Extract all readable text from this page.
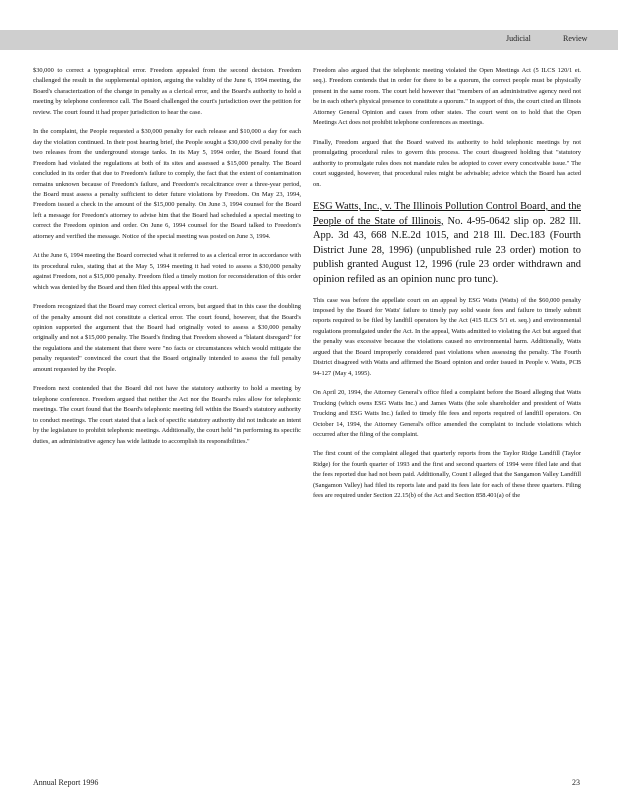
Judicial	Review

$30,000 to correct a typographical error. Freedom appealed from the second decision. Freedom challenged the result in the supplemental opinion, arguing the validity of the June 6, 1994 meeting, the Board's characterization of the change in penalty as a clerical error, and the Board's authority to hold a meeting by telephone conference call. The Board challenged the court's jurisdiction over the petition for review. The court found it had proper jurisdiction to hear the case.

In the complaint, the People requested a $30,000 penalty for each release and $10,000 a day for each day the violation continued. In their post hearing brief, the People sought a $30,000 civil penalty for the two releases from the underground storage tanks. In its May 5, 1994 order, the Board found that Freedom had violated the regulations at both of its sites and assessed a $15,000 penalty. The Board concluded in its order that due to Freedom's failure to comply, the fact that the extent of contamination remains unknown because of Freedom's failure, and Freedom's recalcitrance over a three-year period, the Board must assess a penalty sufficient to deter future violations by Freedom. On May 23, 1994, Freedom issued a check in the amount of the $15,000 penalty. On June 3, 1994 counsel for the Board left a message for Freedom's attorney to advise him that the Board had scheduled a special meeting to correct the Freedom opinion and order. On June 6, 1994 counsel for the Board talked to Freedom's attorney and verified the message. Notice of the special meeting was posted on June 3, 1994.

At the June 6, 1994 meeting the Board corrected what it referred to as a clerical error in accordance with its procedural rules, stating that at the May 5, 1994 meeting it had voted to assess a $30,000 penalty against Freedom, not a $15,000 penalty. Freedom filed a timely motion for reconsideration of this order which was denied by the Board and then filed this appeal with the court.

Freedom recognized that the Board may correct clerical errors, but argued that in this case the doubling of the penalty amount did not constitute a clerical error. The court found, however, that the Board's opinion supported the argument that the Board had originally voted to assess a $30,000 penalty originally and not a $15,000 penalty. The Board's finding that Freedom showed a "blatant disregard" for the regulations and the statement that there were "no facts or circumstances which would mitigate the penalty requested" convinced the court that the Board originally intended to assess the full penalty amount requested by the People.

Freedom next contended that the Board did not have the statutory authority to hold a meeting by telephone conference. Freedom argued that neither the Act nor the Board's rules allow for telephonic meetings. The court found that the Board's telephonic meeting fell within the Board's statutory authority to conduct meetings. The court stated that a lack of specific statutory authority did not indicate an intent by the legislature to prohibit telephonic meetings. Additionally, the court held "in performing its specific duties, an administrative agency has wide latitude to accomplish its responsibilities."

Freedom also argued that the telephonic meeting violated the Open Meetings Act (5 ILCS 120/1 et. seq.). Freedom contends that in order for there to be a quorum, the correct people must be physically present in the same room. The court held however that "members of an administrative agency need not be in each other's physical presence to constitute a quorum." In support of this, the court cited an Illinois Attorney General Opinion and cases from other states. The court went on to hold that the Open Meetings Act does not prohibit telephone conferences as meetings.

Finally, Freedom argued that the Board waived its authority to hold telephonic meetings by not promulgating procedural rules to govern this process. The court disagreed holding that "statutory authority to promulgate rules does not mandate rules be adopted to cover every conceivable issue." The court suggested, however, that procedural rules might be advisable; advice which the Board has acted on.

ESG Watts, Inc., v. The Illinois Pollution Control Board, and the People of the State of Illinois, No. 4-95-0642 slip op. 282 Ill. App. 3d 43, 668 N.E.2d 1015, and 218 Ill. Dec.183 (Fourth District June 28, 1996) (unpublished rule 23 order) motion to publish granted August 12, 1996 (rule 23 order withdrawn and opinion refiled as an opinion nunc pro tunc).

This case was before the appellate court on an appeal by ESG Watts (Watts) of the $60,000 penalty imposed by the Board for Watts' failure to timely pay solid waste fees and failure to timely submit reports required to be filed by landfill operators by the Act (415 ILCS 5/1 et. seq.) and environmental regulations promulgated under the Act. In the appeal, Watts admitted to violating the Act but argued that the penalty was excessive because the violations caused no environmental harm. Additionally, Watts argued that the Board improperly considered past violations when assessing the penalty. The Fourth District disagreed with Watts and affirmed the Board opinion and order issued in People v. Watts, PCB 94-127 (May 4, 1995).

On April 20, 1994, the Attorney General's office filed a complaint before the Board alleging that Watts Trucking (which owns ESG Watts Inc.) and James Watts (the sole shareholder and president of Watts Trucking and ESG Watts Inc.) failed to timely file fees and reports required of landfill operators. On October 14, 1994, the Attorney General's office amended the complaint to include violations which occurred after the filing of the complaint.

The first count of the complaint alleged that quarterly reports from the Taylor Ridge Landfill (Taylor Ridge) for the fourth quarter of 1993 and the first and second quarters of 1994 were filed late and that the fees reported due had not been paid. Additionally, Count I alleged that the Sangamon Valley Landfill (Sangamon Valley) had filed its reports late and paid its fees late for each of these three quarters. Filing fees are required under Section 22.15(b) of the Act and Section 858.401(a) of the

Annual Report 1996	23
